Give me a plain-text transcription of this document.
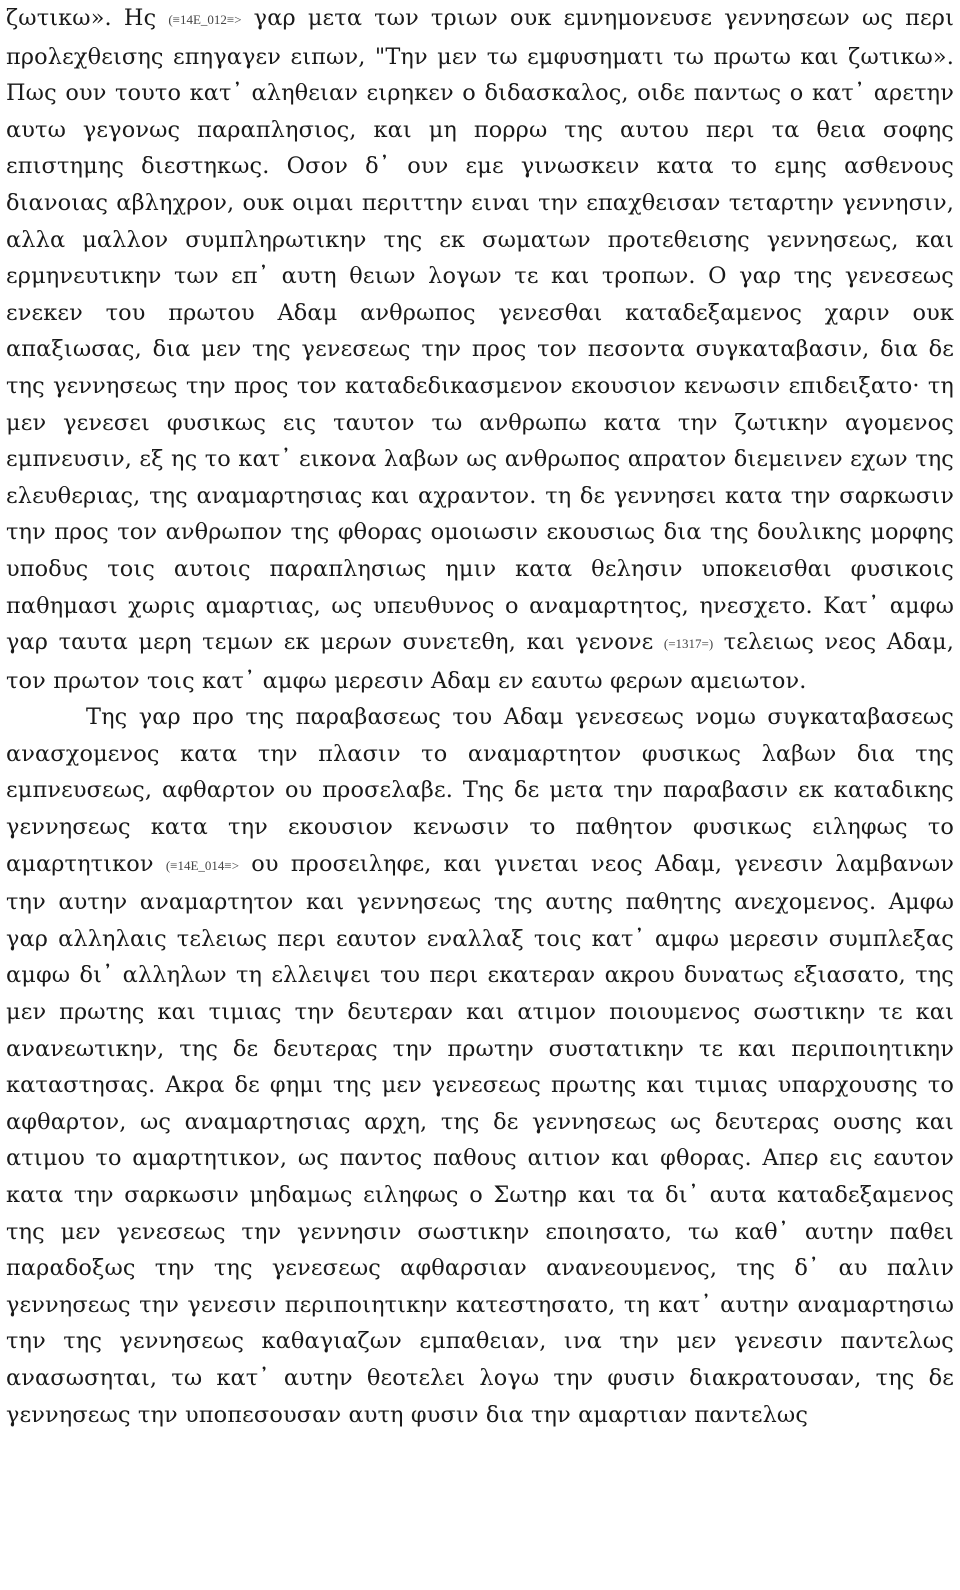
ζωτικω». Ης (≡14E_012≡> γαρ μετα των τριων ουκ εμνημονευσε γεννησεων ως περι προλεχθεισης επηγαγεν ειπων, "Την μεν τω εμφυσηματι τω πρωτω και ζωτικω». Πως ουν τουτο κατ᾽ αληθειαν ειρηκεν ο διδασκαλος, οιδε παντως ο κατ᾽ αρετην αυτω γεγονως παραπλησιος, και μη πορρω της αυτου περι τα θεια σοφης επιστημης διεστηκως. Οσον δ᾽ ουν εμε γινωσκειν κατα το εμης ασθενους διανοιας αβληχρον, ουκ οιμαι περιττην ειναι την επαχθεισαν τεταρτην γεννησιν, αλλα μαλλον συμπληρωτικην της εκ σωματων προτεθεισης γεννησεως, και ερμηνευτικην των επ᾽ αυτη θειων λογων τε και τροπων. Ο γαρ της γενεσεως ενεκεν του πρωτου Αδαμ ανθρωπος γενεσθαι καταδεξαμενος χαριν ουκ απαξιωσας, δια μεν της γενεσεως την προς τον πεσοντα συγκαταβασιν, δια δε της γεννησεως την προς τον καταδεδικασμενον εκουσιον κενωσιν επιδειξατο· τη μεν γενεσει φυσικως εις ταυτον τω ανθρωπω κατα την ζωτικην αγομενος εμπνευσιν, εξ ης το κατ᾽ εικονα λαβων ως ανθρωπος απρατον διεμεινεν εχων της ελευθεριας, της αναμαρτησιας και αχραντον. τη δε γεννησει κατα την σαρκωσιν την προς τον ανθρωπον της φθορας ομοιωσιν εκουσιως δια της δουλικης μορφης υποδυς τοις αυτοις παραπλησιως ημιν κατα θελησιν υποκεισθαι φυσικοις παθημασι χωρις αμαρτιας, ως υπευθυνος ο αναμαρτητος, ηνεσχετο. Κατ᾽ αμφω γαρ ταυτα μερη τεμων εκ μερων συνετεθη, και γενονε (=1317=) τελειως νεος Αδαμ, τον πρωτον τοις κατ᾽ αμφω μερεσιν Αδαμ εν εαυτω φερων αμειωτον.

Της γαρ προ της παραβασεως του Αδαμ γενεσεως νομω συγκαταβασεως ανασχομενος κατα την πλασιν το αναμαρτητον φυσικως λαβων δια της εμπνευσεως, αφθαρτον ου προσελαβε. Της δε μετα την παραβασιν εκ καταδικης γεννησεως κατα την εκουσιον κενωσιν το παθητον φυσικως ειληφως το αμαρτητικον (≡14E_014≡> ου προσειληφε, και γινεται νεος Αδαμ, γενεσιν λαμβανων την αυτην αναμαρτητον και γεννησεως της αυτης παθητης ανεχομενος. Αμφω γαρ αλληλαις τελειως περι εαυτον εναλλαξ τοις κατ᾽ αμφω μερεσιν συμπλεξας αμφω δι᾽ αλληλων τη ελλειψει του περι εκατεραν ακρου δυνατως εξιασατο, της μεν πρωτης και τιμιας την δευτεραν και ατιμον ποιουμενος σωστικην τε και ανανεωτικην, της δε δευτερας την πρωτην συστατικην τε και περιποιητικην καταστησας. Ακρα δε φημι της μεν γενεσεως πρωτης και τιμιας υπαρχουσης το αφθαρτον, ως αναμαρτησιας αρχη, της δε γεννησεως ως δευτερας ουσης και ατιμου το αμαρτητικον, ως παντος παθους αιτιον και φθορας. Απερ εις εαυτον κατα την σαρκωσιν μηδαμως ειληφως ο Σωτηρ και τα δι᾽ αυτα καταδεξαμενος της μεν γενεσεως την γεννησιν σωστικην εποιησατο, τω καθ᾽ αυτην παθει παραδοξως την της γενεσεως αφθαρσιαν ανανεουμενος, της δ᾽ αυ παλιν γεννησεως την γενεσιν περιποιητικην κατεστησατο, τη κατ᾽ αυτην αναμαρτησιω την της γεννησεως καθαγιαζων εμπαθειαν, ινα την μεν γενεσιν παντελως ανασωσηται, τω κατ᾽ αυτην θεοτελει λογω την φυσιν διακρατουσαν, της δε γεννησεως την υποπεσουσαν αυτη φυσιν δια την αμαρτιαν παντελως
